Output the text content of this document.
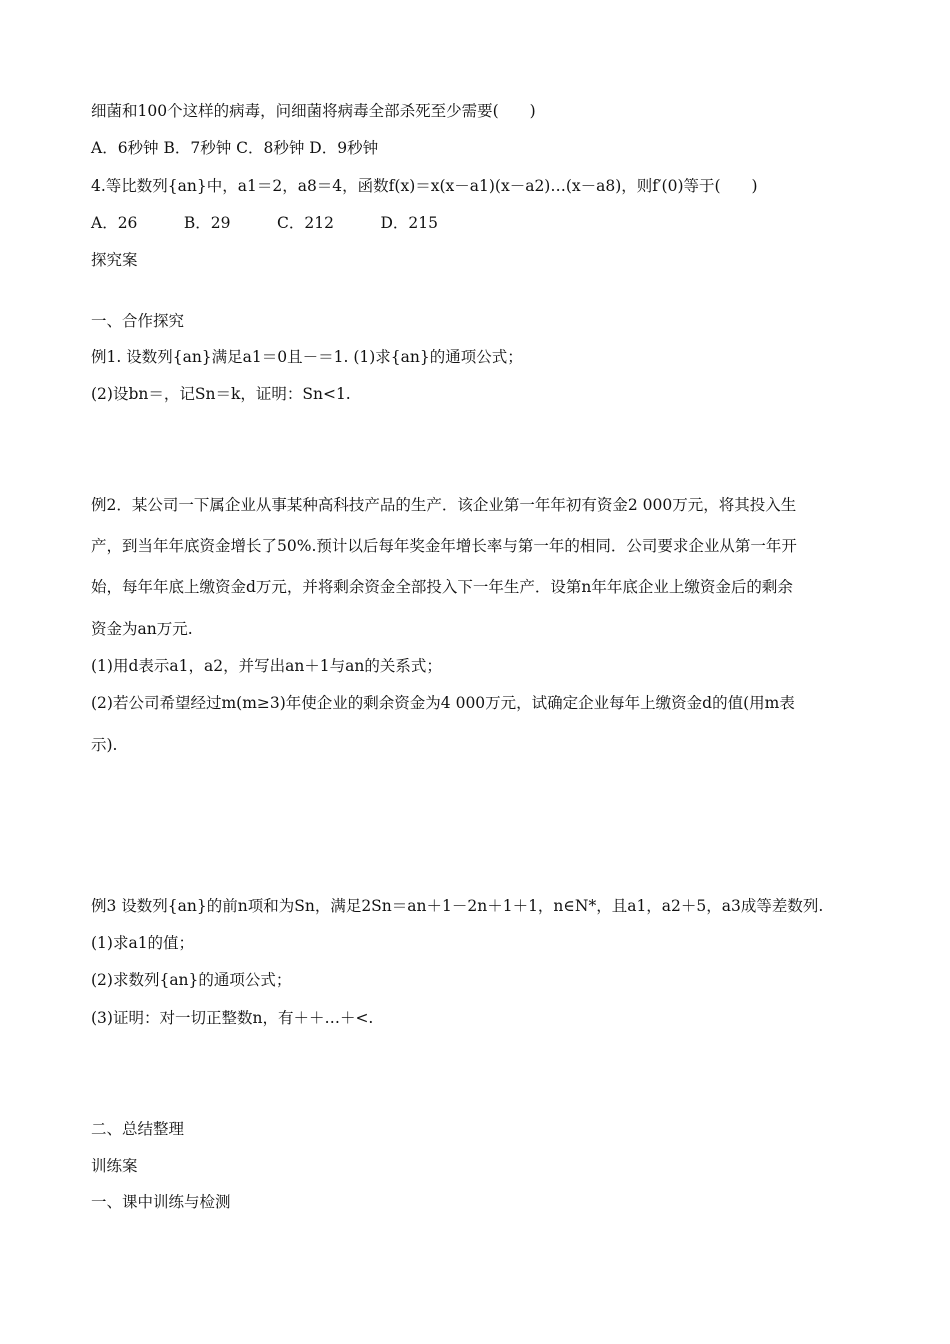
细菌和100个这样的病毒，问细菌将病毒全部杀死至少需要(　　)
A．6秒钟 B．7秒钟 C．8秒钟 D．9秒钟
4.等比数列{an}中，a1＝2，a8＝4，函数f(x)＝x(x－a1)(x－a2)…(x－a8)，则f′(0)等于(　　)
A．26　　　B．29　　　C．212　　　D．215
探究案
一、合作探究
例1. 设数列{an}满足a1＝0且－＝1. (1)求{an}的通项公式；
(2)设bn＝，记Sn＝k，证明：Sn<1.
例2．某公司一下属企业从事某种高科技产品的生产．该企业第一年年初有资金2 000万元，将其投入生
产，到当年年底资金增长了50%.预计以后每年奖金年增长率与第一年的相同．公司要求企业从第一年开
始，每年年底上缴资金d万元，并将剩余资金全部投入下一年生产．设第n年年底企业上缴资金后的剩余
资金为an万元.
(1)用d表示a1，a2，并写出an＋1与an的关系式；
(2)若公司希望经过m(m≥3)年使企业的剩余资金为4 000万元，试确定企业每年上缴资金d的值(用m表
示).
例3 设数列{an}的前n项和为Sn，满足2Sn＝an＋1－2n＋1＋1，n∈N*，且a1，a2＋5，a3成等差数列.
(1)求a1的值；
(2)求数列{an}的通项公式；
(3)证明：对一切正整数n，有＋＋…＋<.
二、总结整理
训练案
一、课中训练与检测
